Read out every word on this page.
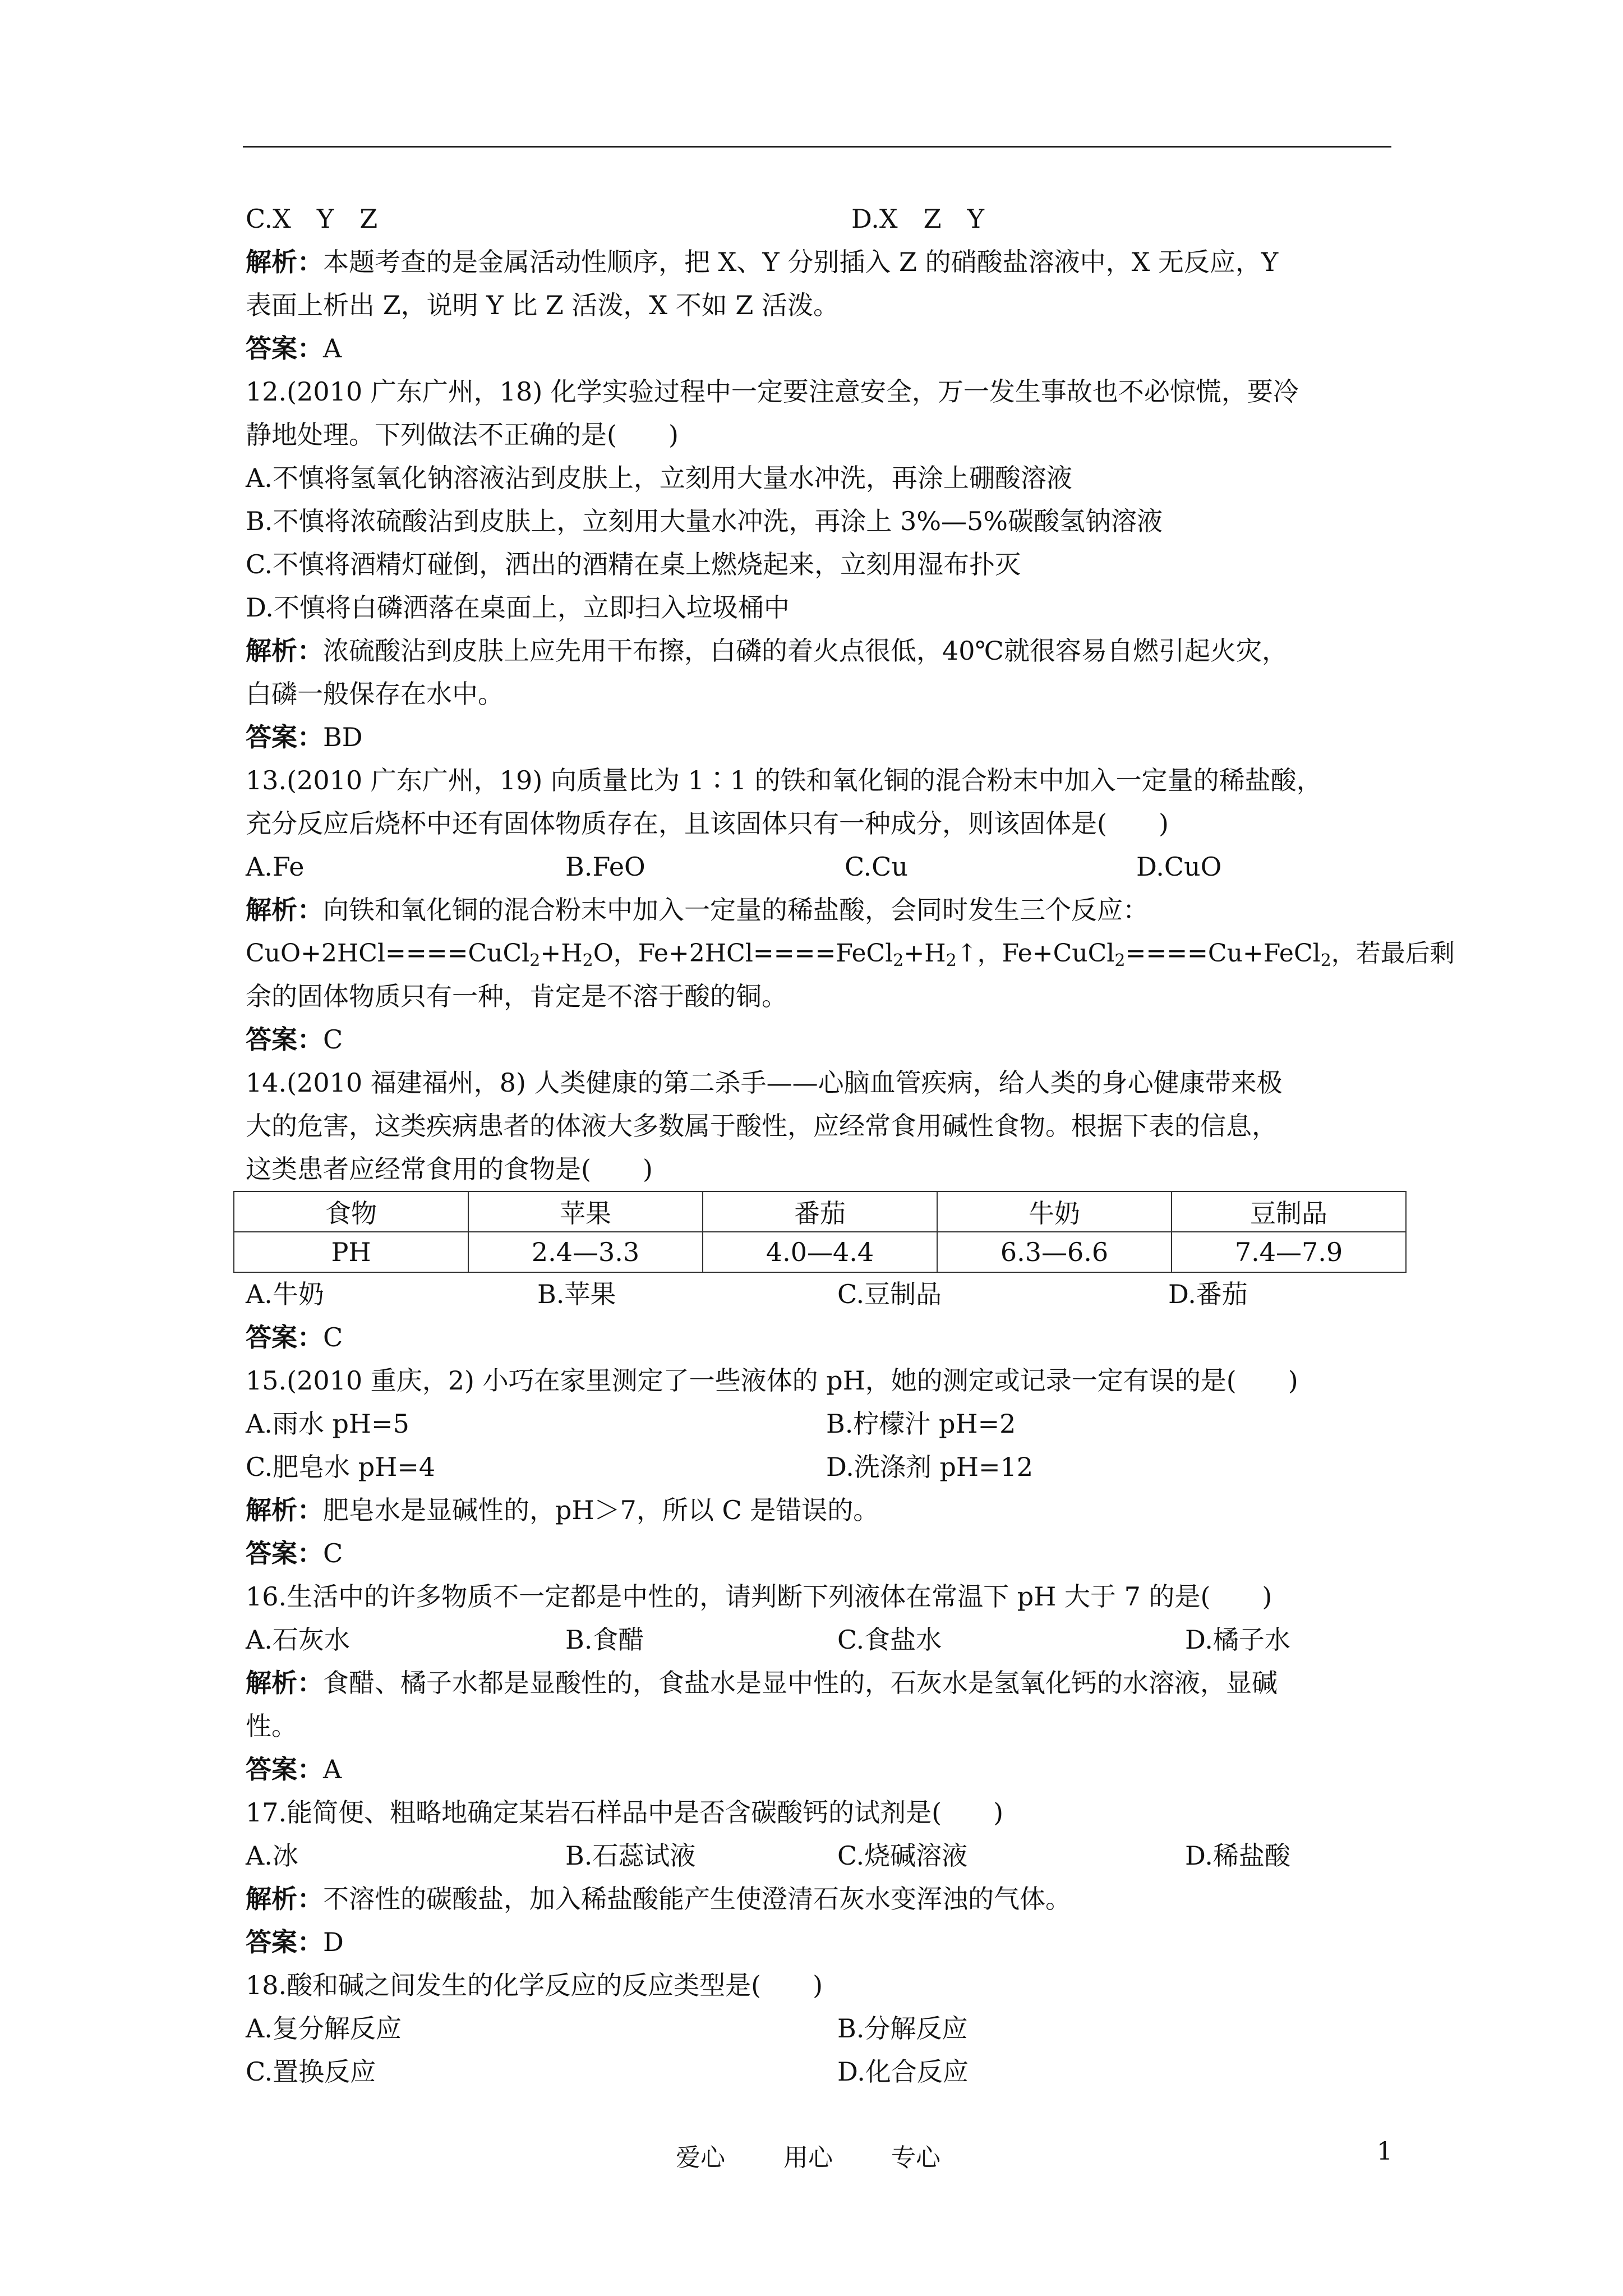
C.X　Y　Z	D.X　Z　Y
解析：本题考查的是金属活动性顺序，把 X、Y 分别插入 Z 的硝酸盐溶液中，X 无反应，Y
表面上析出 Z，说明 Y 比 Z 活泼，X 不如 Z 活泼。
答案：A
12.(2010 广东广州，18) 化学实验过程中一定要注意安全，万一发生事故也不必惊慌，要冷
静地处理。下列做法不正确的是(　　)
A.不慎将氢氧化钠溶液沾到皮肤上，立刻用大量水冲洗，再涂上硼酸溶液
B.不慎将浓硫酸沾到皮肤上，立刻用大量水冲洗，再涂上 3%—5%碳酸氢钠溶液
C.不慎将酒精灯碰倒，洒出的酒精在桌上燃烧起来，立刻用湿布扑灭
D.不慎将白磷洒落在桌面上，立即扫入垃圾桶中
解析：浓硫酸沾到皮肤上应先用干布擦，白磷的着火点很低，40℃就很容易自燃引起火灾，
白磷一般保存在水中。
答案：BD
13.(2010 广东广州，19) 向质量比为 1∶1 的铁和氧化铜的混合粉末中加入一定量的稀盐酸，
充分反应后烧杯中还有固体物质存在，且该固体只有一种成分，则该固体是(　　)
A.Fe	B.FeO	C.Cu	D.CuO
解析：向铁和氧化铜的混合粉末中加入一定量的稀盐酸，会同时发生三个反应：
$CuO+2HCl====CuCl_2+H_2O$，$Fe+2HCl====FeCl_2+H_2↑$，Fe+CuCl$_2$====Cu+FeCl$_2$，若最后剩
余的固体物质只有一种，肯定是不溶于酸的铜。
答案：C
14.(2010 福建福州，8) 人类健康的第二杀手——心脑血管疾病，给人类的身心健康带来极
大的危害，这类疾病患者的体液大多数属于酸性，应经常食用碱性食物。根据下表的信息，
这类患者应经常食用的食物是(　　)
食物	苹果	番茄	牛奶	豆制品
PH	2.4—3.3	4.0—4.4	6.3—6.6	7.4—7.9
A.牛奶	B.苹果	C.豆制品	D.番茄
答案：C
15.(2010 重庆，2) 小巧在家里测定了一些液体的 pH，她的测定或记录一定有误的是(　　)
A.雨水 pH=5	B.柠檬汁 pH=2
C.肥皂水 pH=4	D.洗涤剂 pH=12
解析：肥皂水是显碱性的，pH＞7，所以 C 是错误的。
答案：C
16.生活中的许多物质不一定都是中性的，请判断下列液体在常温下 pH 大于 7 的是(　　)
A.石灰水	B.食醋	C.食盐水	D.橘子水
解析：食醋、橘子水都是显酸性的，食盐水是显中性的，石灰水是氢氧化钙的水溶液，显碱
性。
答案：A
17.能简便、粗略地确定某岩石样品中是否含碳酸钙的试剂是(　　)
A.冰	B.石蕊试液	C.烧碱溶液	D.稀盐酸
解析：不溶性的碳酸盐，加入稀盐酸能产生使澄清石灰水变浑浊的气体。
答案：D
18.酸和碱之间发生的化学反应的反应类型是(　　)
A.复分解反应	B.分解反应
C.置换反应	D.化合反应
爱心 用心 专心	1
